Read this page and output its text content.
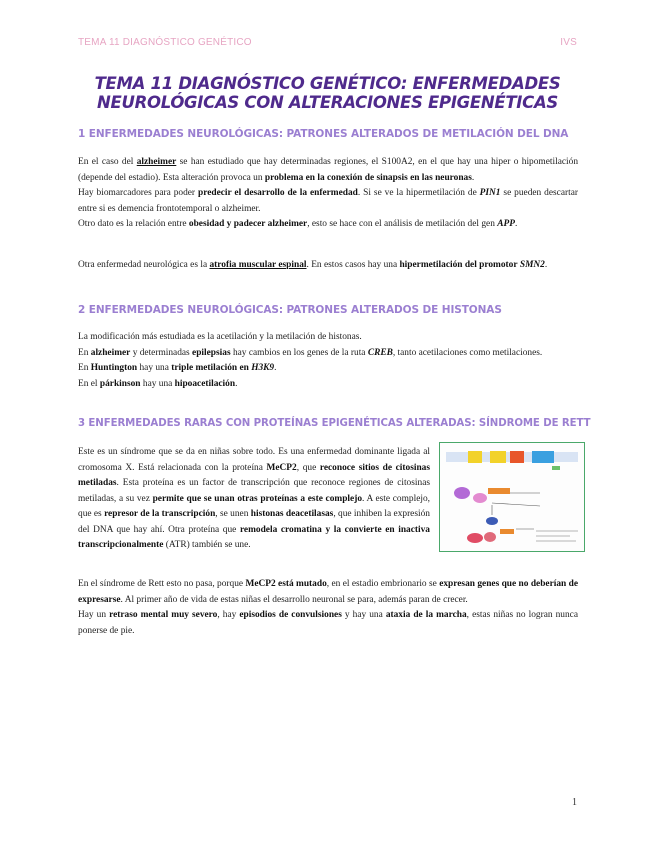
TEMA 11 DIAGNÓSTICO GENÉTICO	IVS
TEMA 11 DIAGNÓSTICO GENÉTICO: ENFERMEDADES NEUROLÓGICAS CON ALTERACIONES EPIGENÉTICAS
1 ENFERMEDADES NEUROLÓGICAS: PATRONES ALTERADOS DE METILACIÓN DEL DNA
En el caso del alzheimer se han estudiado que hay determinadas regiones, el S100A2, en el que hay una hiper o hipometilación (depende del estadio). Esta alteración provoca un problema en la conexión de sinapsis en las neuronas.
Hay biomarcadores para poder predecir el desarrollo de la enfermedad. Si se ve la hipermetilación de PIN1 se pueden descartar entre si es demencia frontotemporal o alzheimer.
Otro dato es la relación entre obesidad y padecer alzheimer, esto se hace con el análisis de metilación del gen APP.
Otra enfermedad neurológica es la atrofia muscular espinal. En estos casos hay una hipermetilación del promotor SMN2.
2 ENFERMEDADES NEUROLÓGICAS: PATRONES ALTERADOS DE HISTONAS
La modificación más estudiada es la acetilación y la metilación de histonas.
En alzheimer y determinadas epilepsias hay cambios en los genes de la ruta CREB, tanto acetilaciones como metilaciones.
En Huntington hay una triple metilación en H3K9.
En el párkinson hay una hipoacetilación.
3 ENFERMEDADES RARAS CON PROTEÍNAS EPIGENÉTICAS ALTERADAS: SÍNDROME DE RETT
Este es un síndrome que se da en niñas sobre todo. Es una enfermedad dominante ligada al cromosoma X. Está relacionada con la proteína MeCP2, que reconoce sitios de citosinas metiladas. Esta proteína es un factor de transcripción que reconoce regiones de citosinas metiladas, a su vez permite que se unan otras proteínas a este complejo. A este complejo, que es represor de la transcripción, se unen histonas deacetilasas, que inhiben la expresión del DNA que hay ahí. Otra proteína que remodela cromatina y la convierte en inactiva transcripcionalmente (ATR) también se une.
En el síndrome de Rett esto no pasa, porque MeCP2 está mutado, en el estadio embrionario se expresan genes que no deberían de expresarse. Al primer año de vida de estas niñas el desarrollo neuronal se para, además paran de crecer.
Hay un retraso mental muy severo, hay episodios de convulsiones y hay una ataxia de la marcha, estas niñas no logran nunca ponerse de pie.
1
